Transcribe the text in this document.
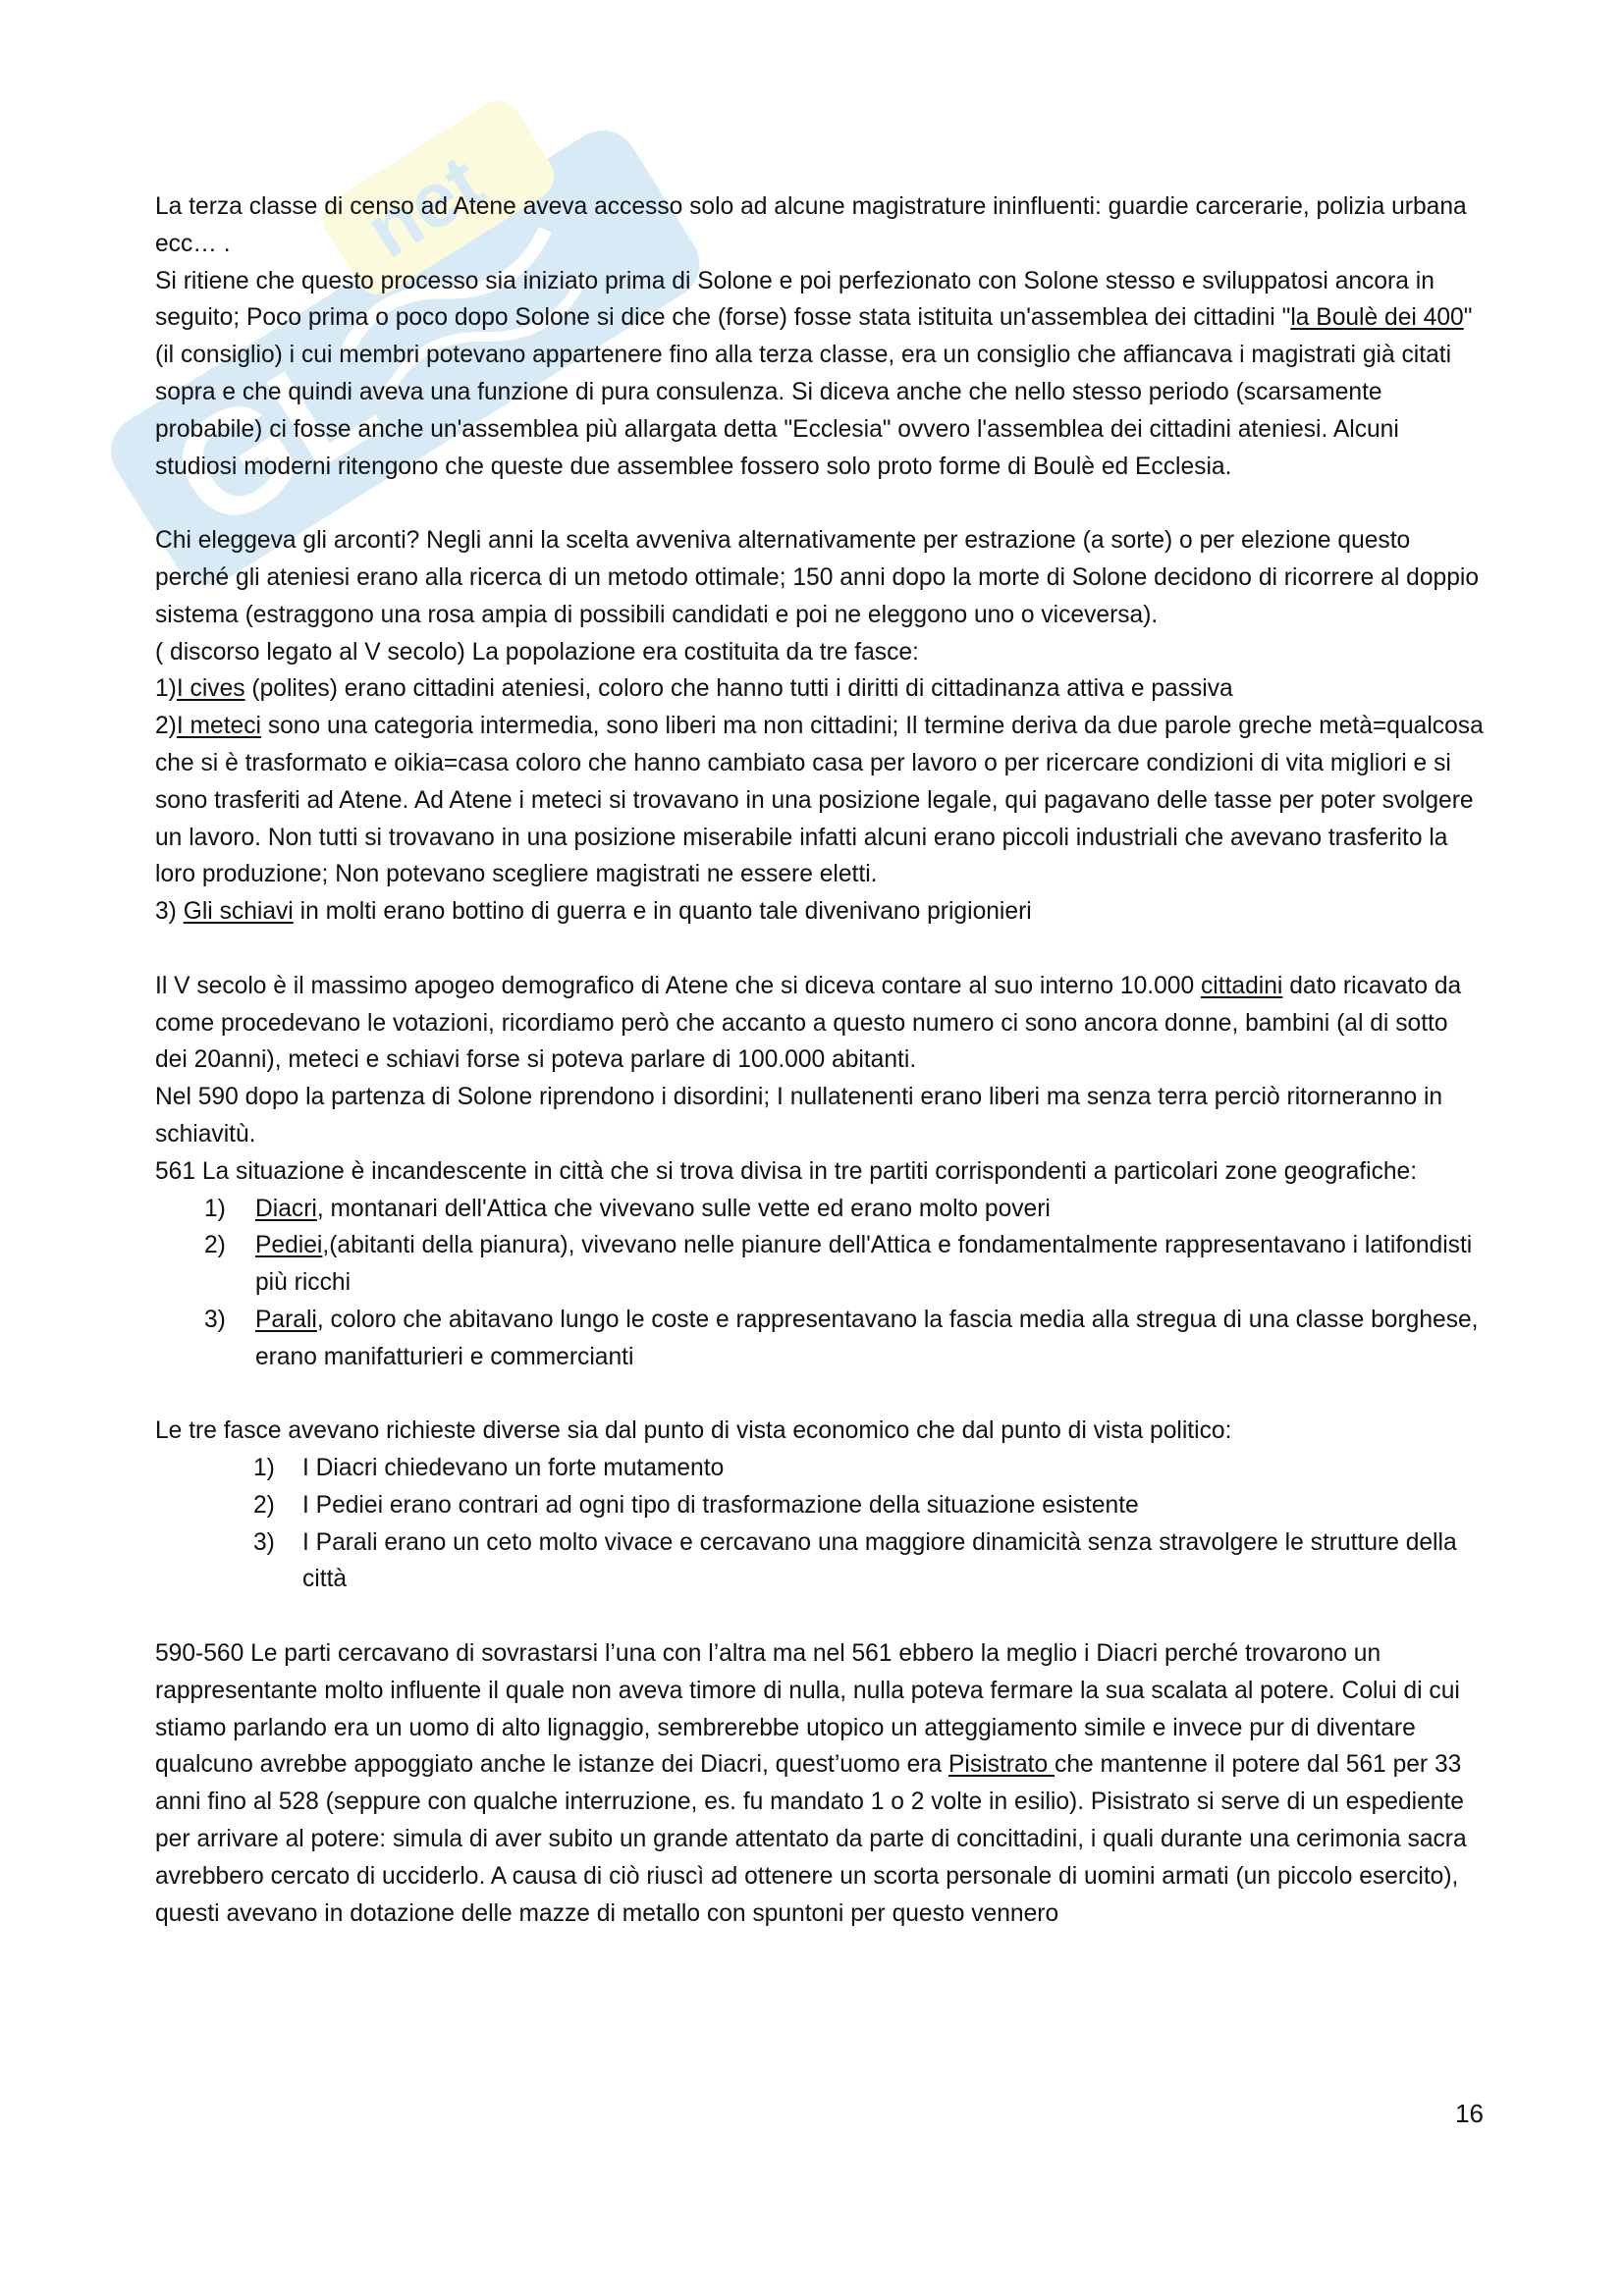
GL
net

La terza classe di censo ad Atene aveva accesso solo ad alcune magistrature ininfluenti: guardie carcerarie, polizia urbana ecc… .

Si ritiene che questo processo sia iniziato prima di Solone e poi perfezionato con Solone stesso e sviluppatosi ancora in seguito; Poco prima o poco dopo Solone si dice che (forse) fosse stata istituita un'assemblea dei cittadini "la Boulè dei 400" (il consiglio) i cui membri potevano appartenere fino alla terza classe, era un consiglio che affiancava i magistrati già citati sopra e che quindi aveva una funzione di pura consulenza. Si diceva anche che nello stesso periodo (scarsamente probabile) ci fosse anche un'assemblea più allargata detta "Ecclesia" ovvero l'assemblea dei cittadini ateniesi. Alcuni studiosi moderni ritengono che queste due assemblee fossero solo proto forme di Boulè ed Ecclesia.

Chi eleggeva gli arconti? Negli anni la scelta avveniva alternativamente per estrazione (a sorte) o per elezione questo perché gli ateniesi erano alla ricerca di un metodo ottimale; 150 anni dopo la morte di Solone decidono di ricorrere al doppio sistema (estraggono una rosa ampia di possibili candidati e poi ne eleggono uno o viceversa).

( discorso legato al V secolo) La popolazione era costituita da tre fasce:

1)I cives (polites) erano cittadini ateniesi, coloro che hanno tutti i diritti di cittadinanza attiva e passiva

2)I meteci sono una categoria intermedia, sono liberi ma non cittadini; Il termine deriva da due parole greche metà=qualcosa che si è trasformato e oikia=casa coloro che hanno cambiato casa per lavoro o per ricercare condizioni di vita migliori e si sono trasferiti ad Atene. Ad Atene i meteci si trovavano in una posizione legale, qui pagavano delle tasse per poter svolgere un lavoro. Non tutti si trovavano in una posizione miserabile infatti alcuni erano piccoli industriali che avevano trasferito la loro produzione; Non potevano scegliere magistrati ne essere eletti.

3) Gli schiavi in molti erano bottino di guerra e in quanto tale divenivano prigionieri

Il V secolo è il massimo apogeo demografico di Atene che si diceva contare al suo interno 10.000 cittadini dato ricavato da come procedevano le votazioni, ricordiamo però che accanto a questo numero ci sono ancora donne, bambini (al di sotto dei 20anni), meteci e schiavi forse si poteva parlare di 100.000 abitanti.

Nel 590 dopo la partenza di Solone riprendono i disordini; I nullatenenti erano liberi ma senza terra perciò ritorneranno in schiavitù.

561 La situazione è incandescente in città che si trova divisa in tre partiti corrispondenti a particolari zone geografiche:

1) Diacri, montanari dell'Attica che vivevano sulle vette ed erano molto poveri
2) Pediei,(abitanti della pianura), vivevano nelle pianure dell'Attica e fondamentalmente rappresentavano i latifondisti più ricchi
3) Parali, coloro che abitavano lungo le coste e rappresentavano la fascia media alla stregua di una classe borghese, erano manifatturieri e commercianti

Le tre fasce avevano richieste diverse sia dal punto di vista economico che dal punto di vista politico:

1) I Diacri chiedevano un forte mutamento
2) I Pediei erano contrari ad ogni tipo di trasformazione della situazione esistente
3) I Parali erano un ceto molto vivace e cercavano una maggiore dinamicità senza stravolgere le strutture della città

590-560 Le parti cercavano di sovrastarsi l’una con l’altra ma nel 561 ebbero la meglio i Diacri perché trovarono un rappresentante molto influente il quale non aveva timore di nulla, nulla poteva fermare la sua scalata al potere. Colui di cui stiamo parlando era un uomo di alto lignaggio, sembrerebbe utopico un atteggiamento simile e invece pur di diventare qualcuno avrebbe appoggiato anche le istanze dei Diacri, quest’uomo era Pisistrato che mantenne il potere dal 561 per 33 anni fino al 528 (seppure con qualche interruzione, es. fu mandato 1 o 2 volte in esilio). Pisistrato si serve di un espediente per arrivare al potere: simula di aver subito un grande attentato da parte di concittadini, i quali durante una cerimonia sacra avrebbero cercato di ucciderlo. A causa di ciò riuscì ad ottenere un scorta personale di uomini armati (un piccolo esercito), questi avevano in dotazione delle mazze di metallo con spuntoni per questo vennero

16
